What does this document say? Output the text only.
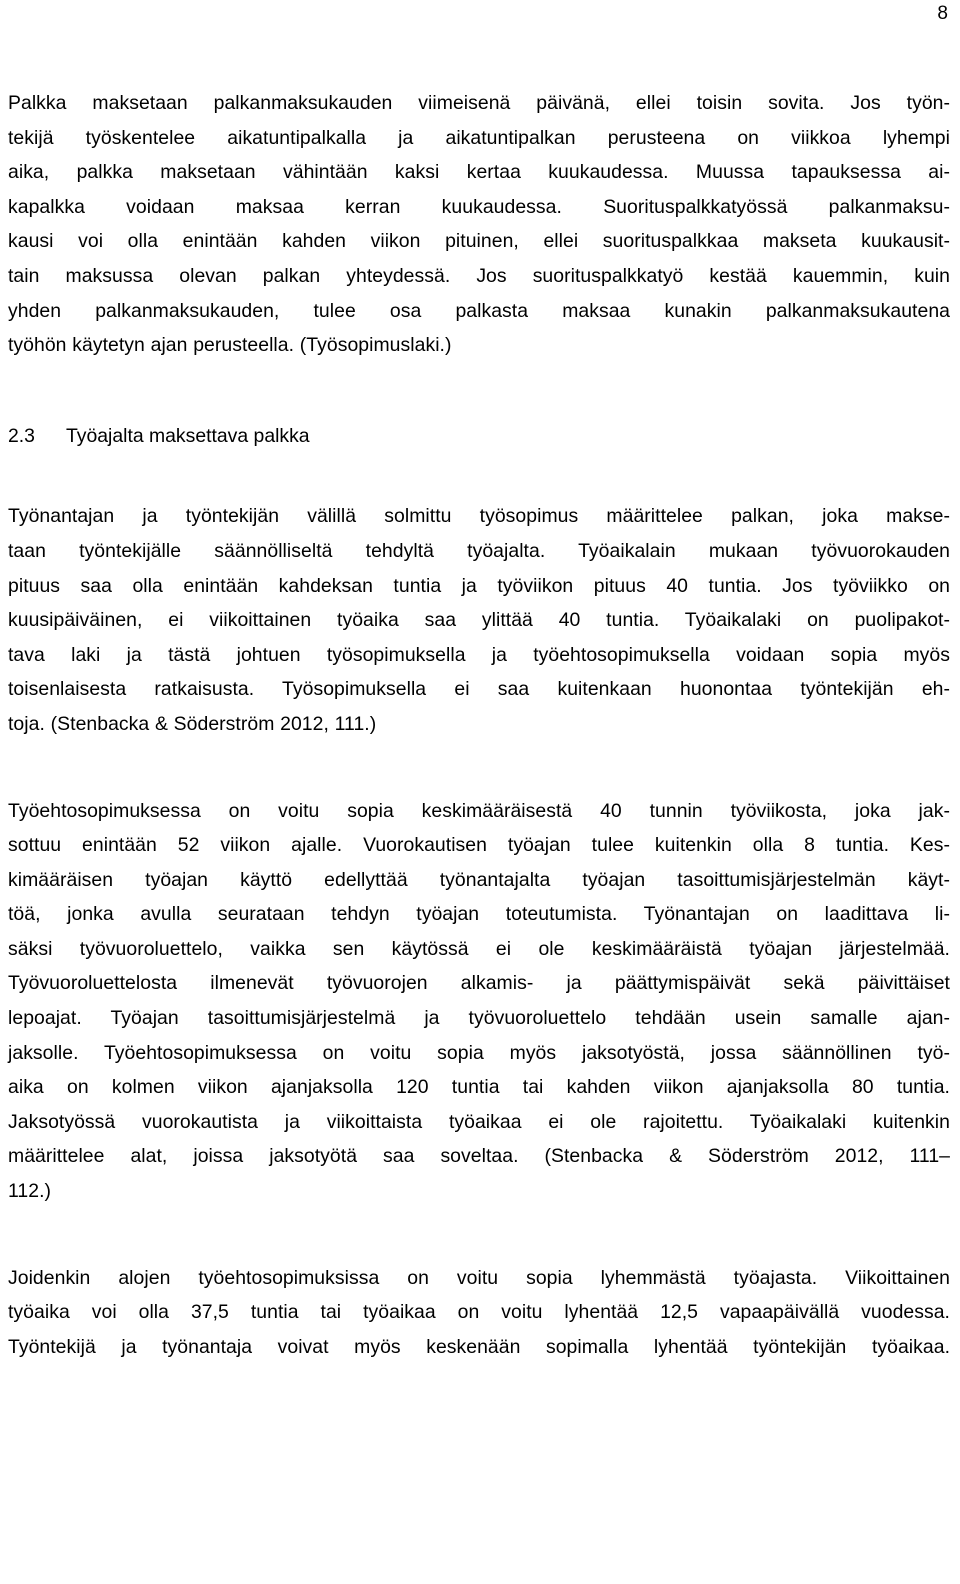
8
Palkka maksetaan palkanmaksukauden viimeisenä päivänä, ellei toisin sovita. Jos työn-
tekijä työskentelee aikatuntipalkalla ja aikatuntipalkan perusteena on viikkoa lyhempi
aika, palkka maksetaan vähintään kaksi kertaa kuukaudessa. Muussa tapauksessa ai-
kapalkka voidaan maksaa kerran kuukaudessa. Suorituspalkkatyössä palkanmaksu-
kausi voi olla enintään kahden viikon pituinen, ellei suorituspalkkaa makseta kuukausit-
tain maksussa olevan palkan yhteydessä. Jos suorituspalkkatyö kestää kauemmin, kuin
yhden palkanmaksukauden, tulee osa palkasta maksaa kunakin palkanmaksukautena
työhön käytetyn ajan perusteella. (Työsopimuslaki.)
2.3 Työajalta maksettava palkka
Työnantajan ja työntekijän välillä solmittu työsopimus määrittelee palkan, joka makse-
taan työntekijälle säännölliseltä tehdyltä työajalta. Työaikalain mukaan työvuorokauden
pituus saa olla enintään kahdeksan tuntia ja työviikon pituus 40 tuntia. Jos työviikko on
kuusipäiväinen, ei viikoittainen työaika saa ylittää 40 tuntia. Työaikalaki on puolipakot-
tava laki ja tästä johtuen työsopimuksella ja työehtosopimuksella voidaan sopia myös
toisenlaisesta ratkaisusta. Työsopimuksella ei saa kuitenkaan huonontaa työntekijän eh-
toja. (Stenbacka & Söderström 2012, 111.)
Työehtosopimuksessa on voitu sopia keskimääräisestä 40 tunnin työviikosta, joka jak-
sottuu enintään 52 viikon ajalle. Vuorokautisen työajan tulee kuitenkin olla 8 tuntia. Kes-
kimääräisen työajan käyttö edellyttää työnantajalta työajan tasoittumisjärjestelmän käyt-
töä, jonka avulla seurataan tehdyn työajan toteutumista. Työnantajan on laadittava li-
säksi työvuoroluettelo, vaikka sen käytössä ei ole keskimääräistä työajan järjestelmää.
Työvuoroluettelosta ilmenevät työvuorojen alkamis- ja päättymispäivät sekä päivittäiset
lepoajat. Työajan tasoittumisjärjestelmä ja työvuoroluettelo tehdään usein samalle ajan-
jaksolle. Työehtosopimuksessa on voitu sopia myös jaksotyöstä, jossa säännöllinen työ-
aika on kolmen viikon ajanjaksolla 120 tuntia tai kahden viikon ajanjaksolla 80 tuntia.
Jaksotyössä vuorokautista ja viikoittaista työaikaa ei ole rajoitettu. Työaikalaki kuitenkin
määrittelee alat, joissa jaksotyötä saa soveltaa. (Stenbacka & Söderström 2012, 111–
112.)
Joidenkin alojen työehtosopimuksissa on voitu sopia lyhemmästä työajasta. Viikoittainen
työaika voi olla 37,5 tuntia tai työaikaa on voitu lyhentää 12,5 vapaapäivällä vuodessa.
Työntekijä ja työnantaja voivat myös keskenään sopimalla lyhentää työntekijän työaikaa.
